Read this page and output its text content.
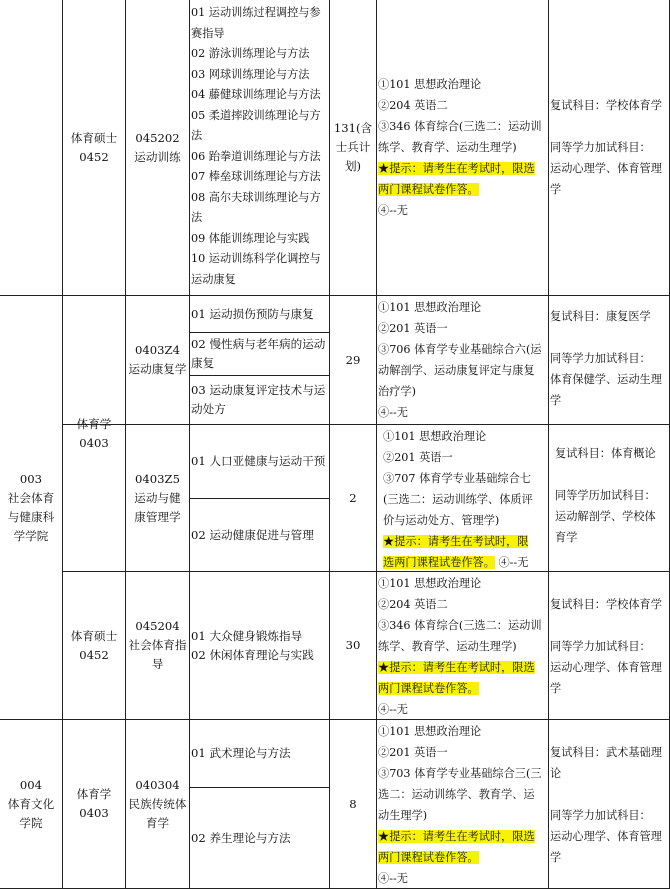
体育硕士
0452
045202
运动训练
01 运动训练过程调控与参
赛指导
02 游泳训练理论与方法
03 网球训练理论与方法
04 藤健球训练理论与方法
05 柔道摔跤训练理论与方
法
06 跆拳道训练理论与方法
07 棒垒球训练理论与方法
08 高尔夫球训练理论与方
法
09 体能训练理论与实践
10 运动训练科学化调控与
运动康复
131(含
士兵计
划)
①101 思想政治理论
②204 英语二
③346 体育综合(三选二：运动训
练学、教育学、运动生理学)
★提示：请考生在考试时，限选
两门课程试卷作答。
④--无
复试科目：学校体育学

同等学力加试科目：
运动心理学、体育管理
学
003
社会体育
与健康科
学学院
体育学
0403
0403Z4
运动康复学
01 运动损伤预防与康复
02 慢性病与老年病的运动
康复
03 运动康复评定技术与运
动处方
29
①101 思想政治理论
②201 英语一
③706 体育学专业基础综合六(运
动解剖学、运动康复评定与康复
治疗学)
④--无
复试科目：康复医学

同等学力加试科目：
体育保健学、运动生理
学
0403Z5
运动与健
康管理学
01 人口亚健康与运动干预
02 运动健康促进与管理
2
①101 思想政治理论
②201 英语一
③707 体育学专业基础综合七
(三选二：运动训练学、体质评
价与运动处方、管理学)
★提示：请考生在考试时，限
选两门课程试卷作答。 ④--无
复试科目：体育概论

同等学历加试科目：
运动解剖学、学校体
育学
体育硕士
0452
045204
社会体育指
导
01 大众健身锻炼指导
02 休闲体育理论与实践
30
①101 思想政治理论
②204 英语二
③346 体育综合(三选二：运动训
练学、教育学、运动生理学)
★提示：请考生在考试时，限选
两门课程试卷作答。
④--无
复试科目：学校体育学

同等学力加试科目：
运动心理学、体育管理
学
004
体育文化
学院
体育学
0403
040304
民族传统体
育学
01 武术理论与方法
02 养生理论与方法
8
①101 思想政治理论
②201 英语一
③703 体育学专业基础综合三(三
选二：运动训练学、教育学、运
动生理学)
★提示：请考生在考试时，限选
两门课程试卷作答。
④--无
复试科目：武术基础理
论

同等学力加试科目：
运动心理学、体育管理
学
